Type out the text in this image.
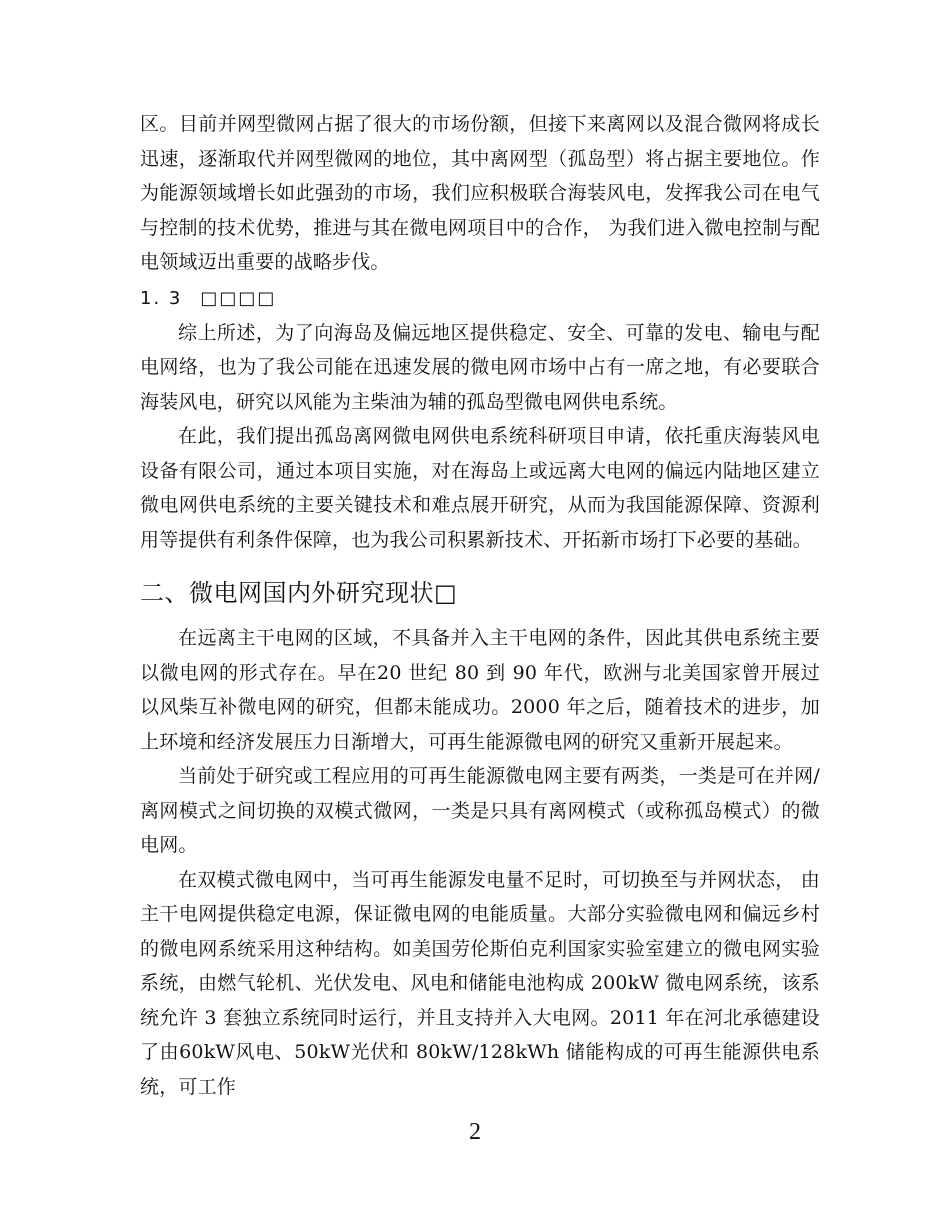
区。目前并网型微网占据了很大的市场份额，但接下来离网以及混合微网将成长迅速，逐渐取代并网型微网的地位，其中离网型（孤岛型）将占据主要地位。作为能源领域增长如此强劲的市场，我们应积极联合海装风电，发挥我公司在电气与控制的技术优势，推进与其在微电网项目中的合作， 为我们进入微电控制与配电领域迈出重要的战略步伐。

1. 3 □□□□

综上所述，为了向海岛及偏远地区提供稳定、安全、可靠的发电、输电与配电网络，也为了我公司能在迅速发展的微电网市场中占有一席之地，有必要联合海装风电，研究以风能为主柴油为辅的孤岛型微电网供电系统。

在此，我们提出孤岛离网微电网供电系统科研项目申请，依托重庆海装风电设备有限公司，通过本项目实施，对在海岛上或远离大电网的偏远内陆地区建立微电网供电系统的主要关键技术和难点展开研究，从而为我国能源保障、资源利用等提供有利条件保障，也为我公司积累新技术、开拓新市场打下必要的基础。

二、微电网国内外研究现状□

在远离主干电网的区域，不具备并入主干电网的条件，因此其供电系统主要以微电网的形式存在。早在20 世纪 80 到 90 年代，欧洲与北美国家曾开展过以风柴互补微电网的研究，但都未能成功。2000 年之后，随着技术的进步，加上环境和经济发展压力日渐增大，可再生能源微电网的研究又重新开展起来。

当前处于研究或工程应用的可再生能源微电网主要有两类，一类是可在并网/离网模式之间切换的双模式微网，一类是只具有离网模式（或称孤岛模式）的微电网。

在双模式微电网中，当可再生能源发电量不足时，可切换至与并网状态， 由主干电网提供稳定电源，保证微电网的电能质量。大部分实验微电网和偏远乡村的微电网系统采用这种结构。如美国劳伦斯伯克利国家实验室建立的微电网实验系统，由燃气轮机、光伏发电、风电和储能电池构成 200kW 微电网系统，该系统允许 3 套独立系统同时运行，并且支持并入大电网。2011 年在河北承德建设了由60kW风电、50kW光伏和 80kW/128kWh 储能构成的可再生能源供电系统，可工作

2
